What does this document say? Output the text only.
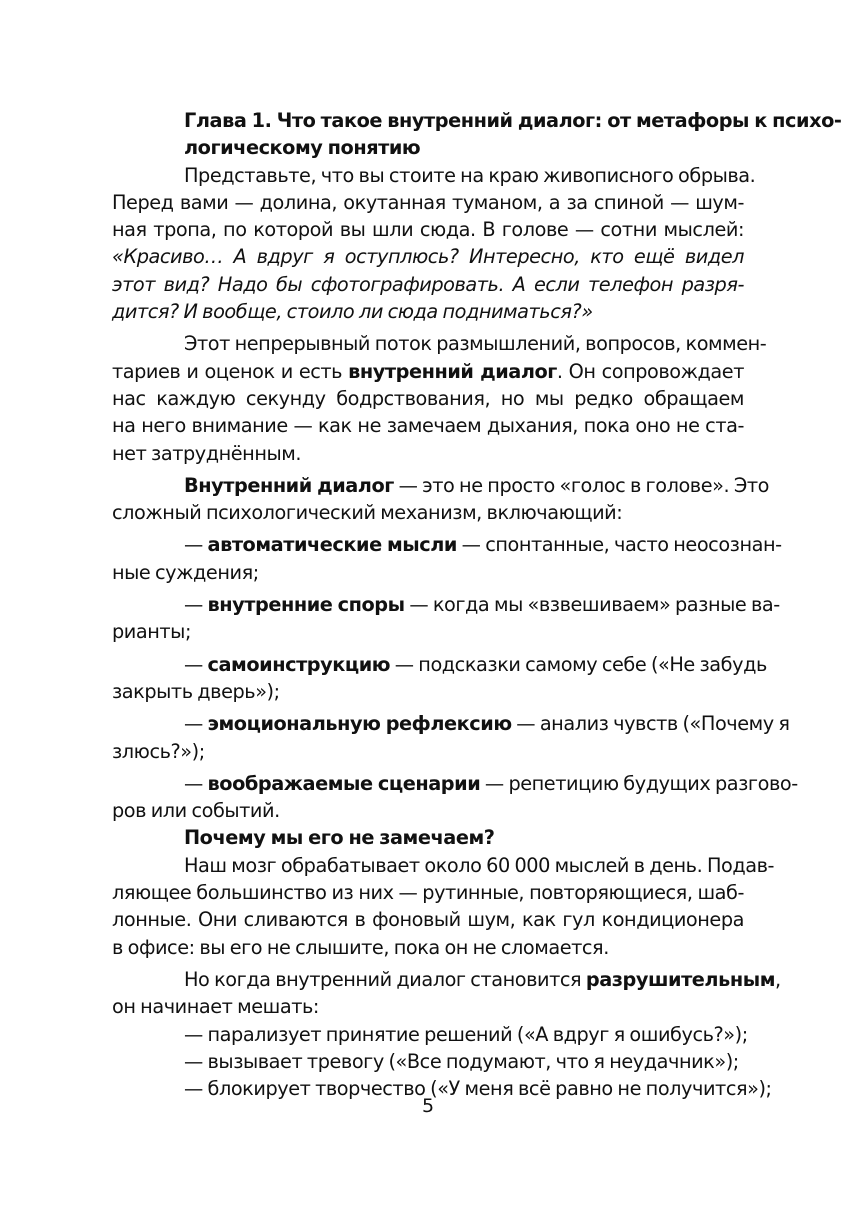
Глава 1. Что такое внутренний диалог: от метафоры к психо-
логическому понятию
Представьте, что вы стоите на краю живописного обрыва.
Перед вами — долина, окутанная туманом, а за спиной — шум-
ная тропа, по которой вы шли сюда. В голове — сотни мыслей:
«Красиво… А вдруг я оступлюсь? Интересно, кто ещё видел
этот вид? Надо бы сфотографировать. А если телефон разря-
дится? И вообще, стоило ли сюда подниматься?»
Этот непрерывный поток размышлений, вопросов, коммен-
тариев и оценок и есть внутренний диалог. Он сопровождает
нас каждую секунду бодрствования, но мы редко обращаем
на него внимание — как не замечаем дыхания, пока оно не ста-
нет затруднённым.
Внутренний диалог — это не просто «голос в голове». Это
сложный психологический механизм, включающий:
— автоматические мысли — спонтанные, часто неосознан-
ные суждения;
— внутренние споры — когда мы «взвешиваем» разные ва-
рианты;
— самоинструкцию — подсказки самому себе («Не забудь
закрыть дверь»);
— эмоциональную рефлексию — анализ чувств («Почему я
злюсь?»);
— воображаемые сценарии — репетицию будущих разгово-
ров или событий.
Почему мы его не замечаем?
Наш мозг обрабатывает около 60 000 мыслей в день. Подав-
ляющее большинство из них — рутинные, повторяющиеся, шаб-
лонные. Они сливаются в фоновый шум, как гул кондиционера
в офисе: вы его не слышите, пока он не сломается.
Но когда внутренний диалог становится разрушительным,
он начинает мешать:
— парализует принятие решений («А вдруг я ошибусь?»);
— вызывает тревогу («Все подумают, что я неудачник»);
— блокирует творчество («У меня всё равно не получится»);
5
